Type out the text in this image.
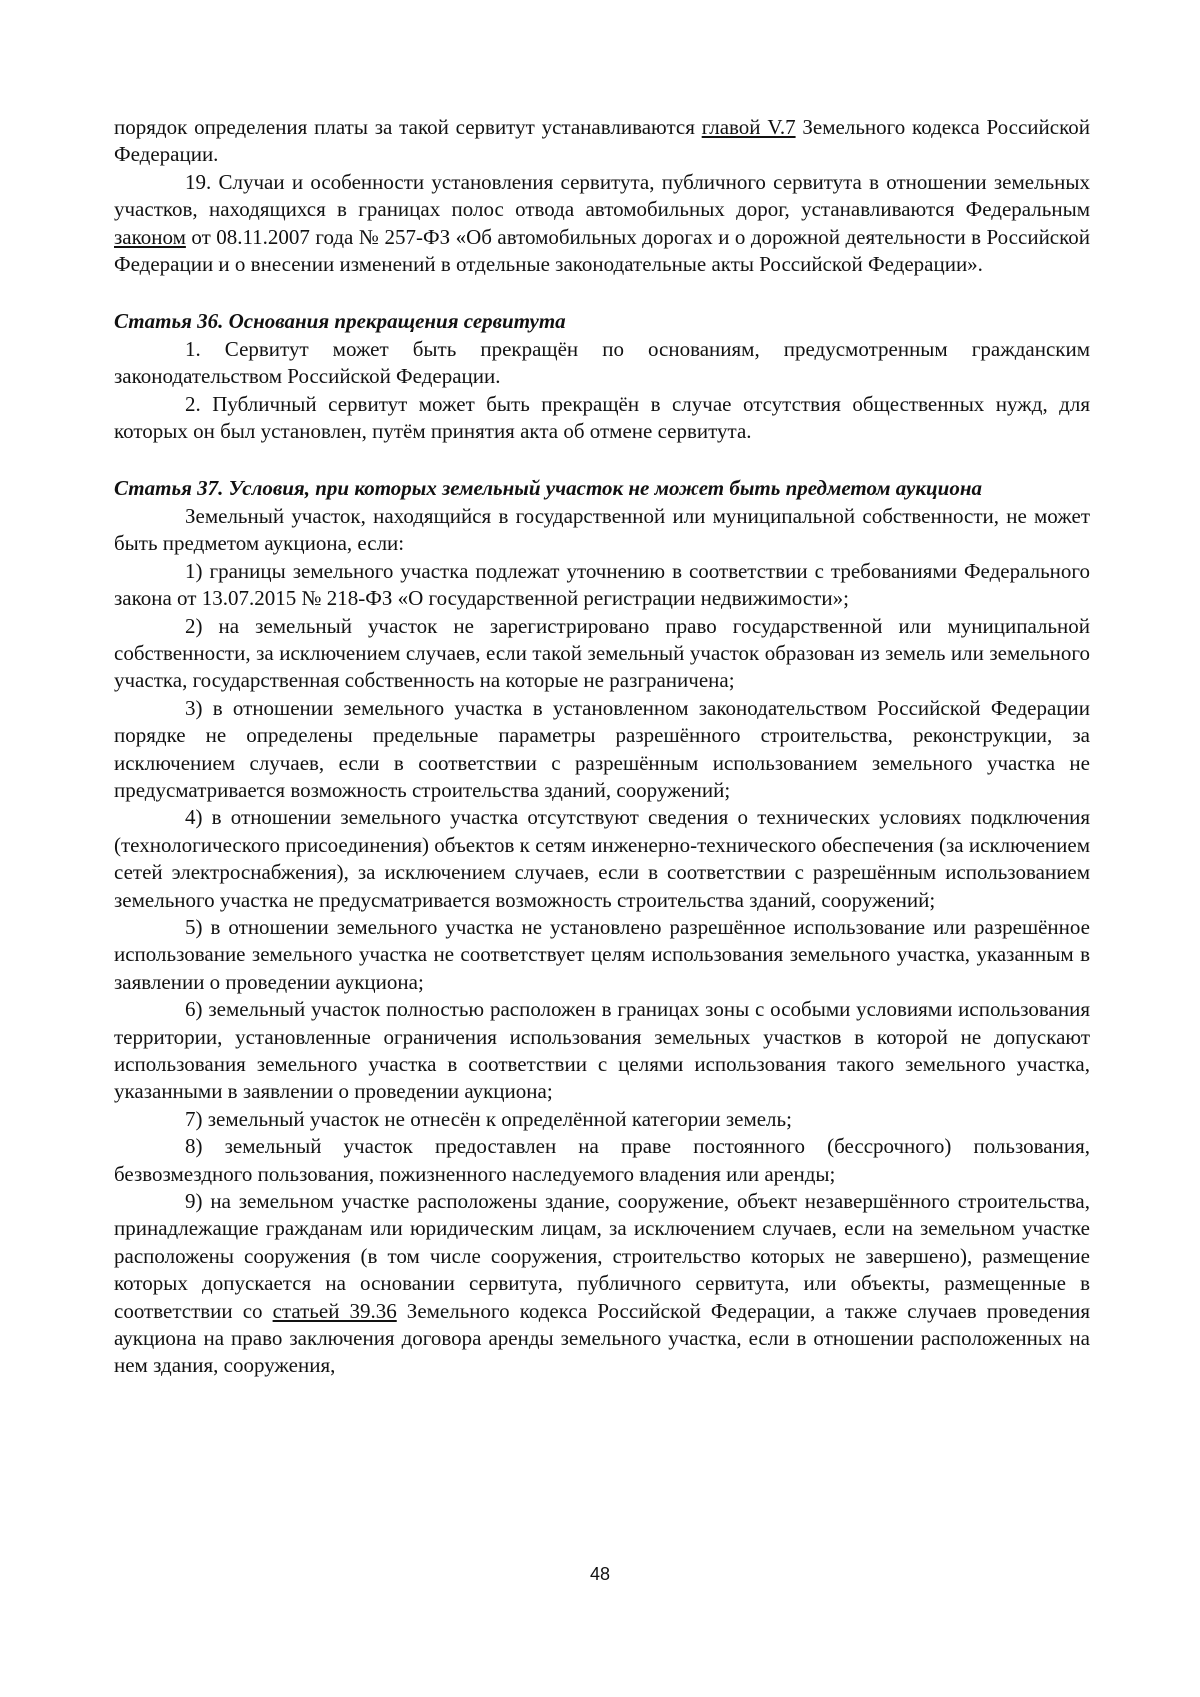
порядок определения платы за такой сервитут устанавливаются главой V.7 Земельного кодекса Российской Федерации.

19. Случаи и особенности установления сервитута, публичного сервитута в отношении земельных участков, находящихся в границах полос отвода автомобильных дорог, устанавливаются Федеральным законом от 08.11.2007 года № 257-ФЗ «Об автомобильных дорогах и о дорожной деятельности в Российской Федерации и о внесении изменений в отдельные законодательные акты Российской Федерации».

Статья 36. Основания прекращения сервитута

1. Сервитут может быть прекращён по основаниям, предусмотренным гражданским законодательством Российской Федерации.

2. Публичный сервитут может быть прекращён в случае отсутствия общественных нужд, для которых он был установлен, путём принятия акта об отмене сервитута.

Статья 37. Условия, при которых земельный участок не может быть предметом аукциона

Земельный участок, находящийся в государственной или муниципальной собственности, не может быть предметом аукциона, если:

1) границы земельного участка подлежат уточнению в соответствии с требованиями Федерального закона от 13.07.2015 № 218-ФЗ «О государственной регистрации недвижимости»;

2) на земельный участок не зарегистрировано право государственной или муниципальной собственности, за исключением случаев, если такой земельный участок образован из земель или земельного участка, государственная собственность на которые не разграничена;

3) в отношении земельного участка в установленном законодательством Российской Федерации порядке не определены предельные параметры разрешённого строительства, реконструкции, за исключением случаев, если в соответствии с разрешённым использованием земельного участка не предусматривается возможность строительства зданий, сооружений;

4) в отношении земельного участка отсутствуют сведения о технических условиях подключения (технологического присоединения) объектов к сетям инженерно-технического обеспечения (за исключением сетей электроснабжения), за исключением случаев, если в соответствии с разрешённым использованием земельного участка не предусматривается возможность строительства зданий, сооружений;

5) в отношении земельного участка не установлено разрешённое использование или разрешённое использование земельного участка не соответствует целям использования земельного участка, указанным в заявлении о проведении аукциона;

6) земельный участок полностью расположен в границах зоны с особыми условиями использования территории, установленные ограничения использования земельных участков в которой не допускают использования земельного участка в соответствии с целями использования такого земельного участка, указанными в заявлении о проведении аукциона;

7) земельный участок не отнесён к определённой категории земель;

8) земельный участок предоставлен на праве постоянного (бессрочного) пользования, безвозмездного пользования, пожизненного наследуемого владения или аренды;

9) на земельном участке расположены здание, сооружение, объект незавершённого строительства, принадлежащие гражданам или юридическим лицам, за исключением случаев, если на земельном участке расположены сооружения (в том числе сооружения, строительство которых не завершено), размещение которых допускается на основании сервитута, публичного сервитута, или объекты, размещенные в соответствии со статьей 39.36 Земельного кодекса Российской Федерации, а также случаев проведения аукциона на право заключения договора аренды земельного участка, если в отношении расположенных на нем здания, сооружения,

48
